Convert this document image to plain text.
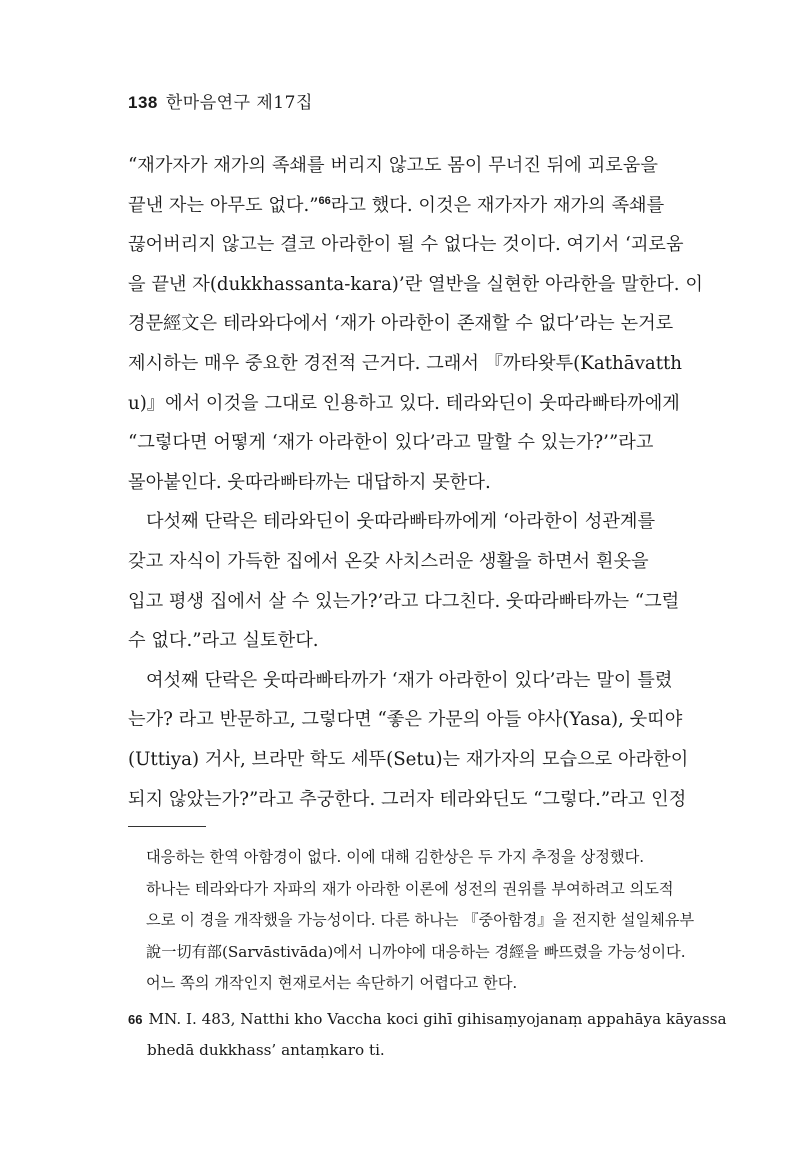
138 한마음연구 제17집

“재가자가 재가의 족쇄를 버리지 않고도 몸이 무너진 뒤에 괴로움을
끝낸 자는 아무도 없다.”$^{66}$라고 했다. 이것은 재가자가 재가의 족쇄를
끊어버리지 않고는 결코 아라한이 될 수 없다는 것이다. 여기서 ‘괴로움
을 끝낸 자(dukkhassanta-kara)’란 열반을 실현한 아라한을 말한다. 이
경문經文은 테라와다에서 ‘재가 아라한이 존재할 수 없다’라는 논거로
제시하는 매우 중요한 경전적 근거다. 그래서 『까타왓투(Kathāvatth
u)』에서 이것을 그대로 인용하고 있다. 테라와딘이 웃따라빠타까에게
“그렇다면 어떻게 ‘재가 아라한이 있다’라고 말할 수 있는가?’”라고
몰아붙인다. 웃따라빠타까는 대답하지 못한다.

다섯째 단락은 테라와딘이 웃따라빠타까에게 ‘아라한이 성관계를
갖고 자식이 가득한 집에서 온갖 사치스러운 생활을 하면서 흰옷을
입고 평생 집에서 살 수 있는가?’라고 다그친다. 웃따라빠타까는 “그럴
수 없다.”라고 실토한다.

여섯째 단락은 웃따라빠타까가 ‘재가 아라한이 있다’라는 말이 틀렸
는가? 라고 반문하고, 그렇다면 “좋은 가문의 아들 야사(Yasa), 웃띠야
(Uttiya) 거사, 브라만 학도 세뚜(Setu)는 재가자의 모습으로 아라한이
되지 않았는가?”라고 추궁한다. 그러자 테라와딘도 “그렇다.”라고 인정

대응하는 한역 아함경이 없다. 이에 대해 김한상은 두 가지 추정을 상정했다.
하나는 테라와다가 자파의 재가 아라한 이론에 성전의 권위를 부여하려고 의도적
으로 이 경을 개작했을 가능성이다. 다른 하나는 『중아함경』을 전지한 설일체유부
說一切有部(Sarvāstivāda)에서 니까야에 대응하는 경經을 빠뜨렸을 가능성이다.
어느 쪽의 개작인지 현재로서는 속단하기 어렵다고 한다.
66 MN. Ⅰ. 483, Natthi kho Vaccha koci gihī gihisaṃyojanaṃ appahāya kāyassa
bhedā dukkhass’ antaṃkaro ti.
